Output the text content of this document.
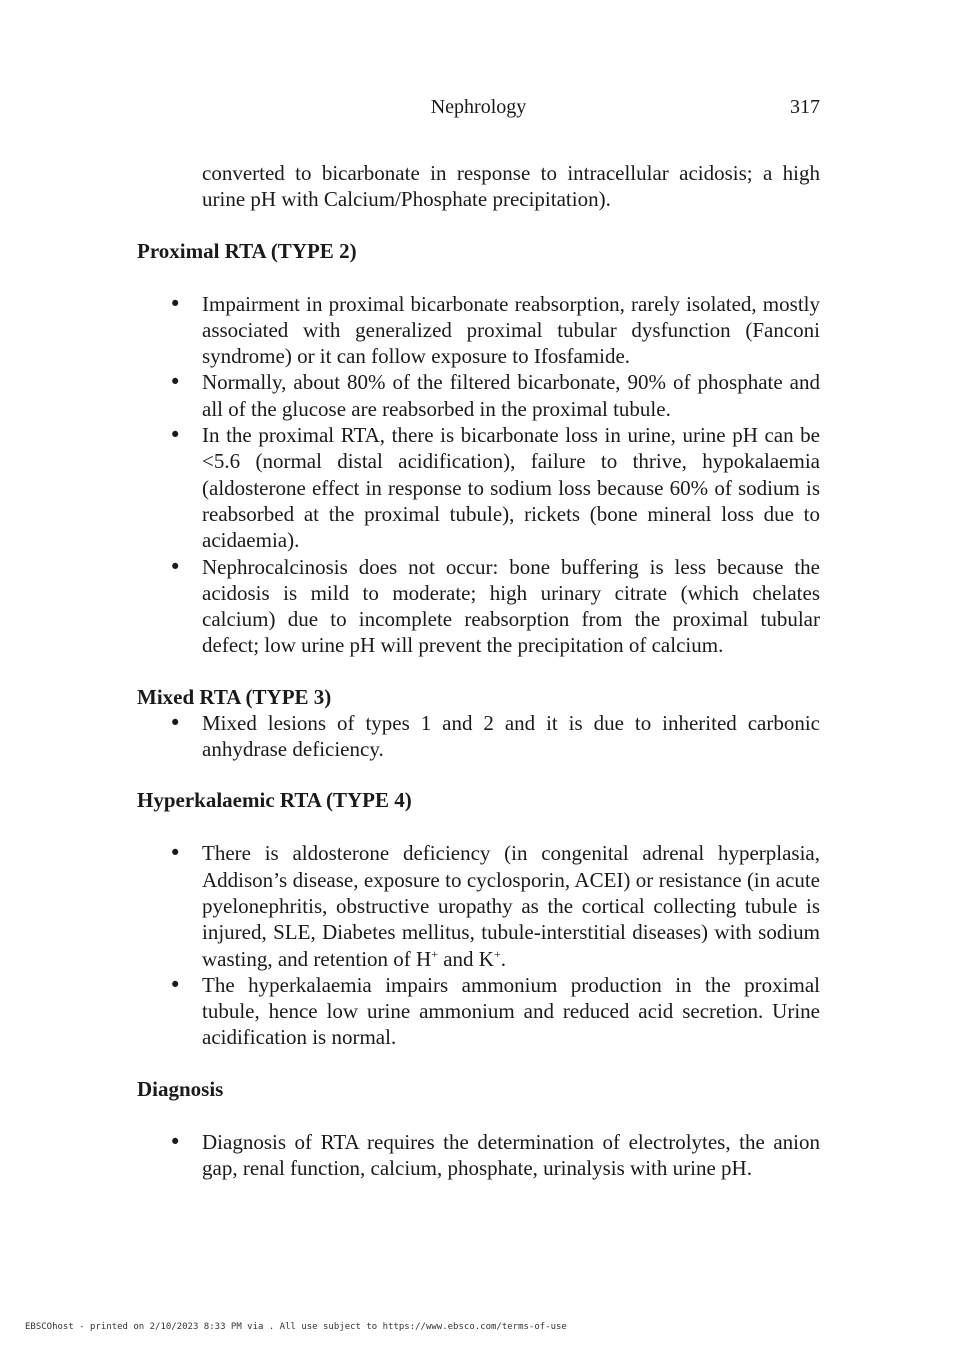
Nephrology	317

converted to bicarbonate in response to intracellular acidosis; a high urine pH with Calcium/Phosphate precipitation).

Proximal RTA (TYPE 2)
• Impairment in proximal bicarbonate reabsorption, rarely isolated, mostly associated with generalized proximal tubular dysfunction (Fanconi syndrome) or it can follow exposure to Ifosfamide.
• Normally, about 80% of the filtered bicarbonate, 90% of phosphate and all of the glucose are reabsorbed in the proximal tubule.
• In the proximal RTA, there is bicarbonate loss in urine, urine pH can be <5.6 (normal distal acidification), failure to thrive, hypokalaemia (aldosterone effect in response to sodium loss because 60% of sodium is reabsorbed at the proximal tubule), rickets (bone mineral loss due to acidaemia).
• Nephrocalcinosis does not occur: bone buffering is less because the acidosis is mild to moderate; high urinary citrate (which chelates calcium) due to incomplete reabsorption from the proximal tubular defect; low urine pH will prevent the precipitation of calcium.
Mixed RTA (TYPE 3)
• Mixed lesions of types 1 and 2 and it is due to inherited carbonic anhydrase deficiency.
Hyperkalaemic RTA (TYPE 4)
• There is aldosterone deficiency (in congenital adrenal hyperplasia, Addison’s disease, exposure to cyclosporin, ACEI) or resistance (in acute pyelonephritis, obstructive uropathy as the cortical collecting tubule is injured, SLE, Diabetes mellitus, tubule-interstitial diseases) with sodium wasting, and retention of H+ and K+.
• The hyperkalaemia impairs ammonium production in the proximal tubule, hence low urine ammonium and reduced acid secretion. Urine acidification is normal.
Diagnosis
• Diagnosis of RTA requires the determination of electrolytes, the anion gap, renal function, calcium, phosphate, urinalysis with urine pH.
EBSCOhost - printed on 2/10/2023 8:33 PM via . All use subject to https://www.ebsco.com/terms-of-use
